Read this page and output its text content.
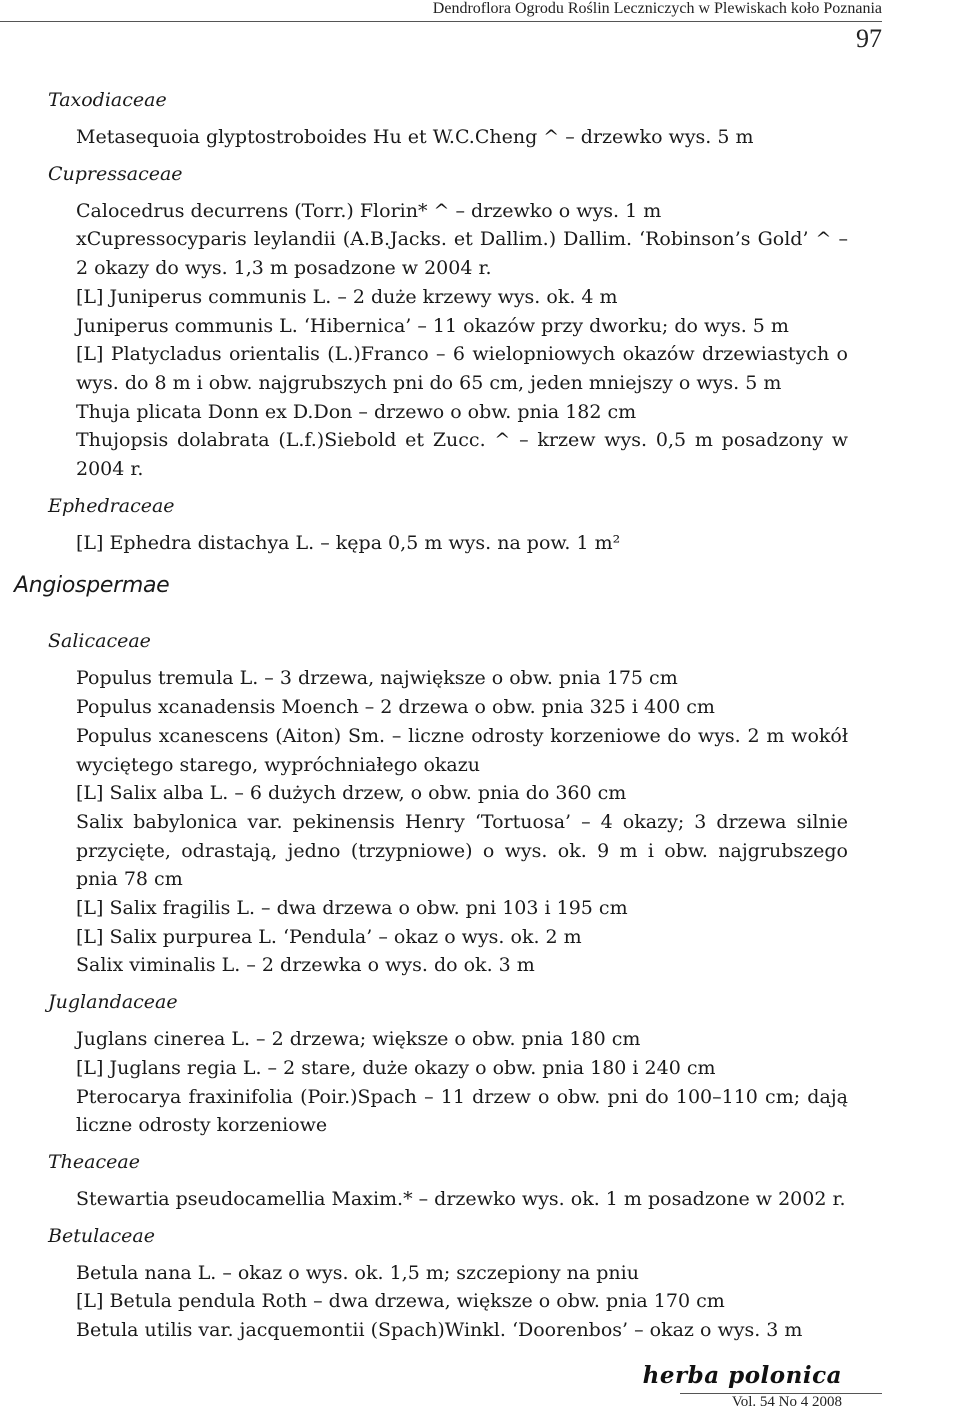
Dendroflora Ogrodu Roślin Leczniczych w Plewiskach koło Poznania
97
Taxodiaceae
Metasequoia glyptostroboides Hu et W.C.Cheng ^ – drzewko wys. 5 m
Cupressaceae
Calocedrus decurrens (Torr.) Florin* ^ – drzewko o wys. 1 m
xCupressocyparis leylandii (A.B.Jacks. et Dallim.) Dallim. ‘Robinson’s Gold’ ^ – 2 okazy do wys. 1,3 m posadzone w 2004 r.
[L] Juniperus communis L. – 2 duże krzewy wys. ok. 4 m
Juniperus communis L. ‘Hibernica’ – 11 okazów przy dworku; do wys. 5 m
[L] Platycladus orientalis (L.)Franco – 6 wielopniowych okazów drzewiastych o wys. do 8 m i obw. najgrubszych pni do 65 cm, jeden mniejszy o wys. 5 m
Thuja plicata Donn ex D.Don – drzewo o obw. pnia 182 cm
Thujopsis dolabrata (L.f.)Siebold et Zucc. ^ – krzew wys. 0,5 m posadzony w 2004 r.
Ephedraceae
[L] Ephedra distachya L. – kępa 0,5 m wys. na pow. 1 m²
Angiospermae
Salicaceae
Populus tremula L. – 3 drzewa, największe o obw. pnia 175 cm
Populus xcanadensis Moench – 2 drzewa o obw. pnia 325 i 400 cm
Populus xcanescens (Aiton) Sm. – liczne odrosty korzeniowe do wys. 2 m wokół wyciętego starego, wypróchniałego okazu
[L] Salix alba L. – 6 dużych drzew, o obw. pnia do 360 cm
Salix babylonica var. pekinensis Henry ‘Tortuosa’ – 4 okazy; 3 drzewa silnie przycięte, odrastają, jedno (trzypniowe) o wys. ok. 9 m i obw. najgrubszego pnia 78 cm
[L] Salix fragilis L. – dwa drzewa o obw. pni 103 i 195 cm
[L] Salix purpurea L. ‘Pendula’ – okaz o wys. ok. 2 m
Salix viminalis L. – 2 drzewka o wys. do ok. 3 m
Juglandaceae
Juglans cinerea L. – 2 drzewa; większe o obw. pnia 180 cm
[L] Juglans regia L. – 2 stare, duże okazy o obw. pnia 180 i 240 cm
Pterocarya fraxinifolia (Poir.)Spach – 11 drzew o obw. pni do 100–110 cm; dają liczne odrosty korzeniowe
Theaceae
Stewartia pseudocamellia Maxim.* – drzewko wys. ok. 1 m posadzone w 2002 r.
Betulaceae
Betula nana L. – okaz o wys. ok. 1,5 m; szczepiony na pniu
[L] Betula pendula Roth – dwa drzewa, większe o obw. pnia 170 cm
Betula utilis var. jacquemontii (Spach)Winkl. ‘Doorenbos’ – okaz o wys. 3 m
herba polonica
Vol. 54 No 4 2008
